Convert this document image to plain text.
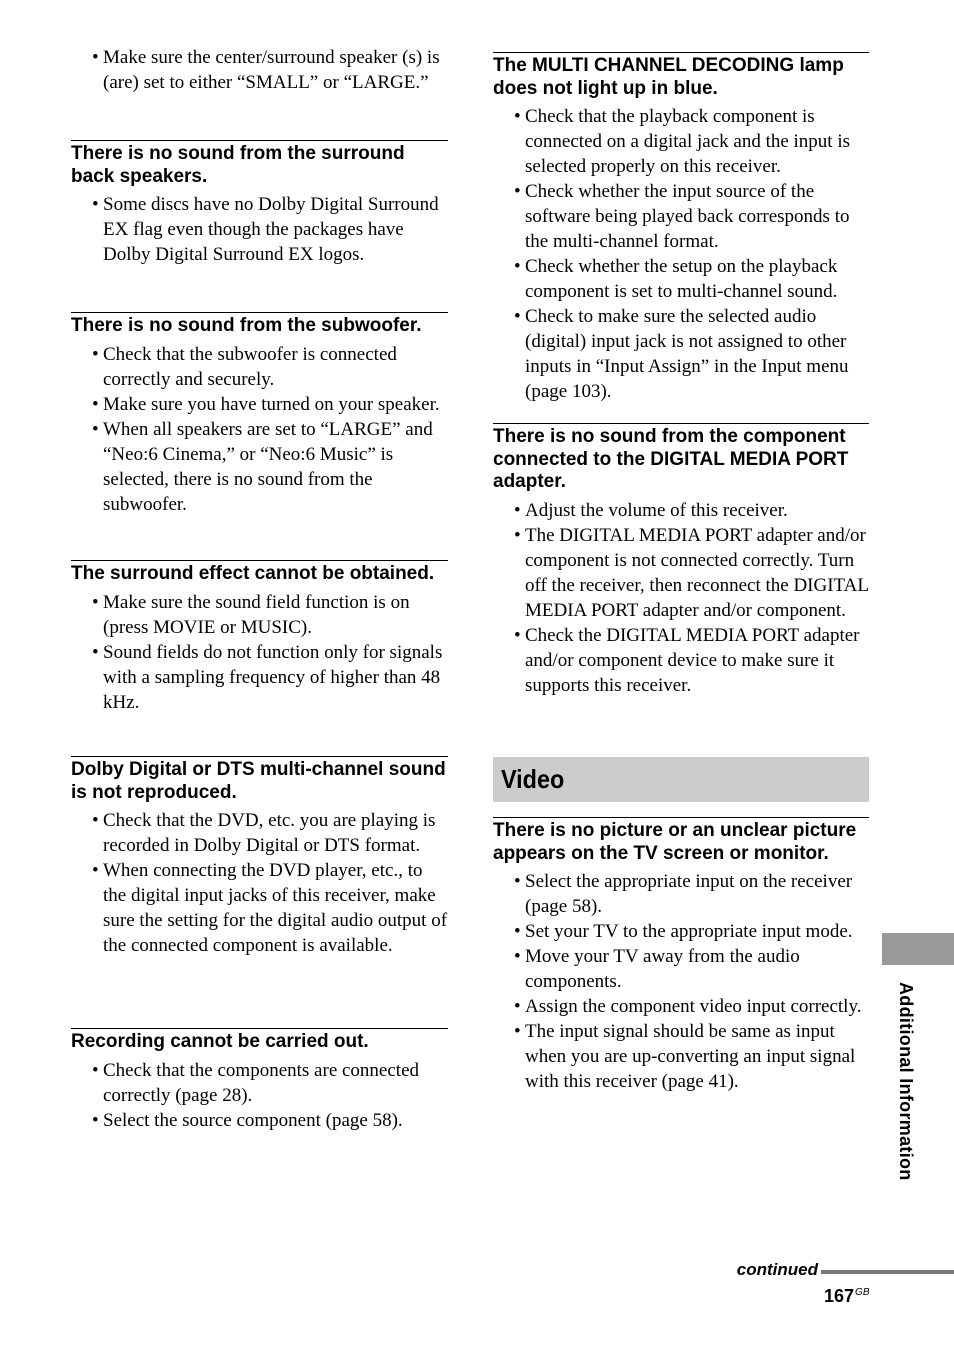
• Make sure the center/surround speaker (s) is (are) set to either “SMALL” or “LARGE.”
There is no sound from the surround back speakers.
• Some discs have no Dolby Digital Surround EX flag even though the packages have Dolby Digital Surround EX logos.
There is no sound from the subwoofer.
• Check that the subwoofer is connected correctly and securely.
• Make sure you have turned on your speaker.
• When all speakers are set to “LARGE” and “Neo:6 Cinema,” or “Neo:6 Music” is selected, there is no sound from the subwoofer.
The surround effect cannot be obtained.
• Make sure the sound field function is on (press MOVIE or MUSIC).
• Sound fields do not function only for signals with a sampling frequency of higher than 48 kHz.
Dolby Digital or DTS multi-channel sound is not reproduced.
• Check that the DVD, etc. you are playing is recorded in Dolby Digital or DTS format.
• When connecting the DVD player, etc., to the digital input jacks of this receiver, make sure the setting for the digital audio output of the connected component is available.
Recording cannot be carried out.
• Check that the components are connected correctly (page 28).
• Select the source component (page 58).
The MULTI CHANNEL DECODING lamp does not light up in blue.
• Check that the playback component is connected on a digital jack and the input is selected properly on this receiver.
• Check whether the input source of the software being played back corresponds to the multi-channel format.
• Check whether the setup on the playback component is set to multi-channel sound.
• Check to make sure the selected audio (digital) input jack is not assigned to other inputs in “Input Assign” in the Input menu (page 103).
There is no sound from the component connected to the DIGITAL MEDIA PORT adapter.
• Adjust the volume of this receiver.
• The DIGITAL MEDIA PORT adapter and/or component is not connected correctly. Turn off the receiver, then reconnect the DIGITAL MEDIA PORT adapter and/or component.
• Check the DIGITAL MEDIA PORT adapter and/or component device to make sure it supports this receiver.
There is no picture or an unclear picture appears on the TV screen or monitor.
• Select the appropriate input on the receiver (page 58).
• Set your TV to the appropriate input mode.
• Move your TV away from the audio components.
• Assign the component video input correctly.
• The input signal should be same as input when you are up-converting an input signal with this receiver (page 41).
Video
Additional Information
continued
$167^{GB}$
